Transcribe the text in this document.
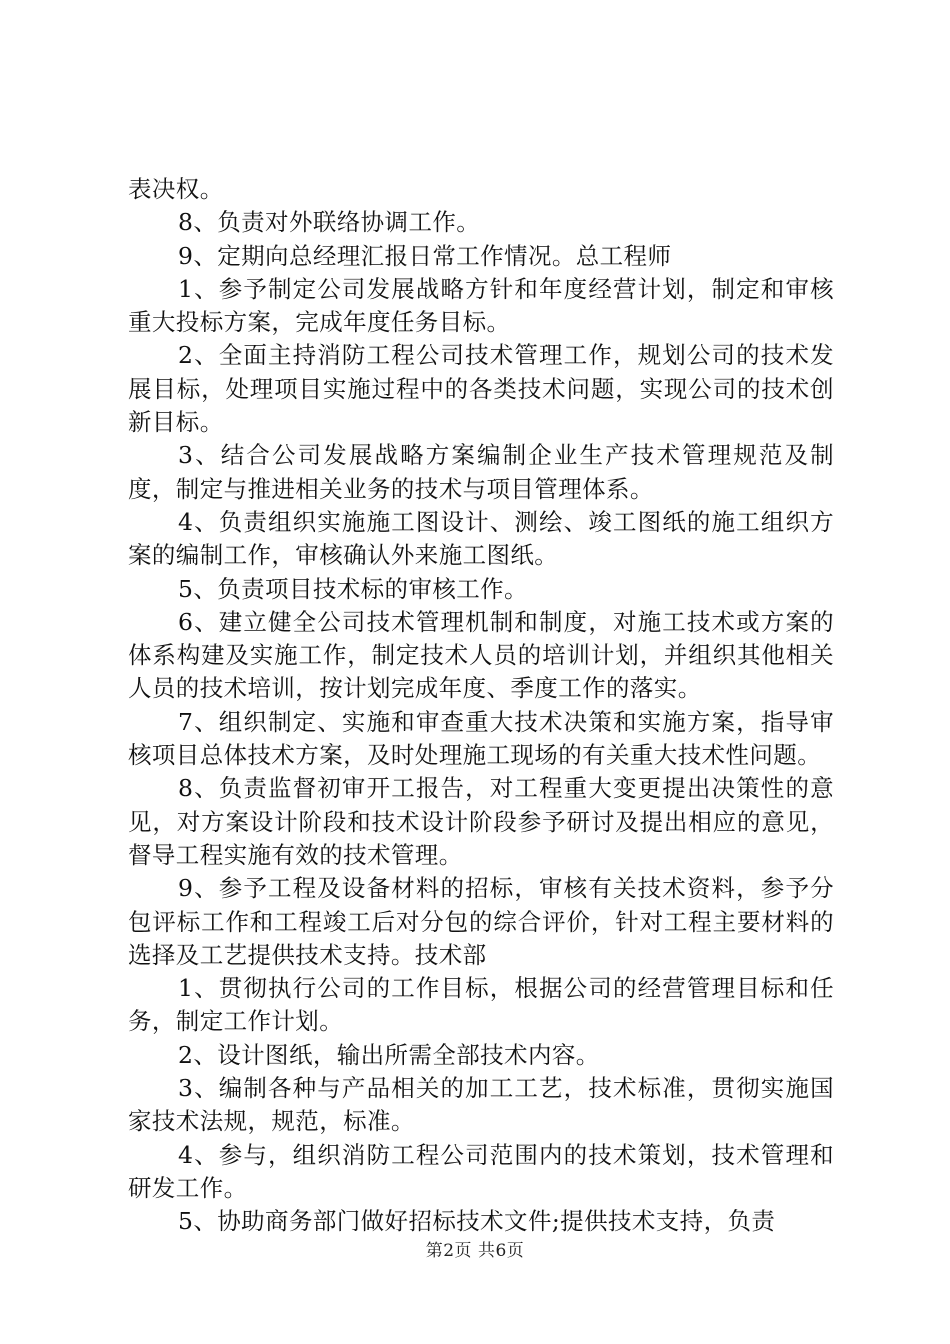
表决权。

8、负责对外联络协调工作。

9、定期向总经理汇报日常工作情况。总工程师

1、参予制定公司发展战略方针和年度经营计划，制定和审核重大投标方案，完成年度任务目标。

2、全面主持消防工程公司技术管理工作，规划公司的技术发展目标，处理项目实施过程中的各类技术问题，实现公司的技术创新目标。

3、结合公司发展战略方案编制企业生产技术管理规范及制度，制定与推进相关业务的技术与项目管理体系。

4、负责组织实施施工图设计、测绘、竣工图纸的施工组织方案的编制工作，审核确认外来施工图纸。

5、负责项目技术标的审核工作。

6、建立健全公司技术管理机制和制度，对施工技术或方案的体系构建及实施工作，制定技术人员的培训计划，并组织其他相关人员的技术培训，按计划完成年度、季度工作的落实。

7、组织制定、实施和审查重大技术决策和实施方案，指导审核项目总体技术方案，及时处理施工现场的有关重大技术性问题。

8、负责监督初审开工报告，对工程重大变更提出决策性的意见，对方案设计阶段和技术设计阶段参予研讨及提出相应的意见，督导工程实施有效的技术管理。

9、参予工程及设备材料的招标，审核有关技术资料，参予分包评标工作和工程竣工后对分包的综合评价，针对工程主要材料的选择及工艺提供技术支持。技术部

1、贯彻执行公司的工作目标，根据公司的经营管理目标和任务，制定工作计划。

2、设计图纸，输出所需全部技术内容。

3、编制各种与产品相关的加工工艺，技术标准，贯彻实施国家技术法规，规范，标准。

4、参与，组织消防工程公司范围内的技术策划，技术管理和研发工作。

5、协助商务部门做好招标技术文件;提供技术支持，负责

第2页 共6页
